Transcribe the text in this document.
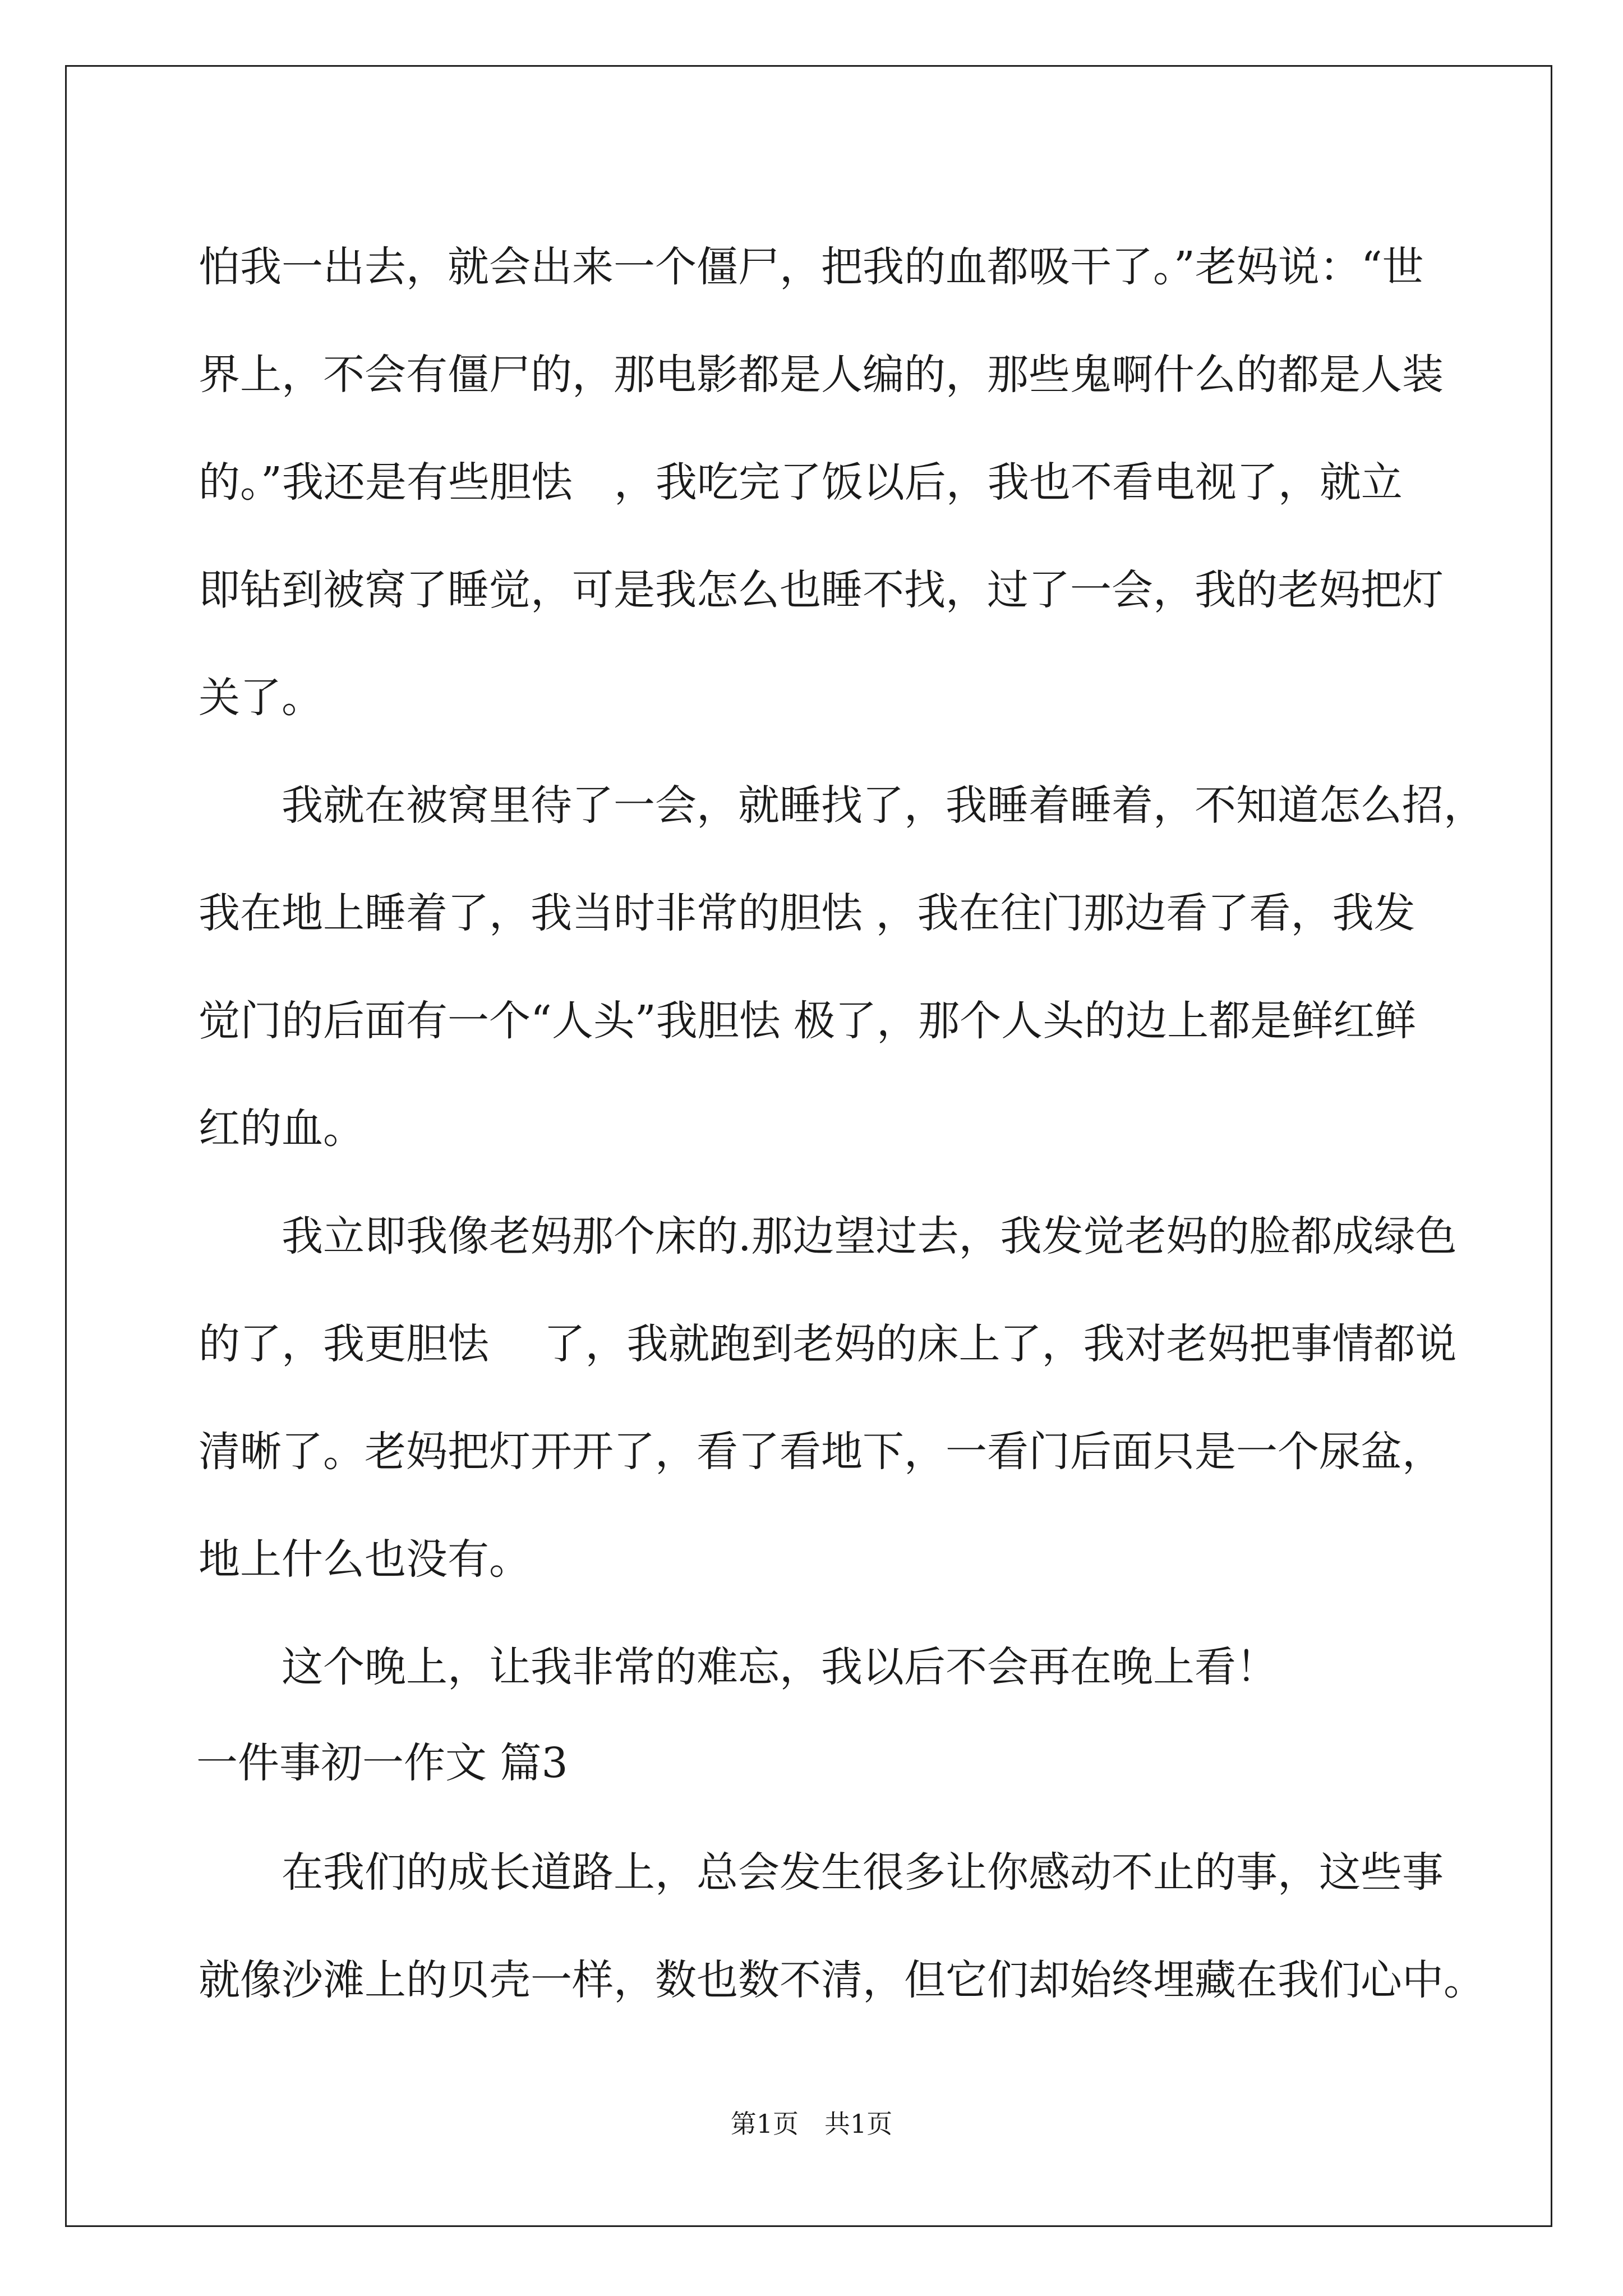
怕我一出去，就会出来一个僵尸，把我的血都吸干了。”老妈说：“世
界上，不会有僵尸的，那电影都是人编的，那些鬼啊什么的都是人装
的。”我还是有些胆怯　，我吃完了饭以后，我也不看电视了，就立
即钻到被窝了睡觉，可是我怎么也睡不找，过了一会，我的老妈把灯
关了。
我就在被窝里待了一会，就睡找了，我睡着睡着，不知道怎么招，
我在地上睡着了，我当时非常的胆怯 ，我在往门那边看了看，我发
觉门的后面有一个“人头”我胆怯 极了，那个人头的边上都是鲜红鲜
红的血。
我立即我像老妈那个床的.那边望过去，我发觉老妈的脸都成绿色
的了，我更胆怯　 了，我就跑到老妈的床上了，我对老妈把事情都说
清晰了。老妈把灯开开了，看了看地下，一看门后面只是一个尿盆，
地上什么也没有。
这个晚上，让我非常的难忘，我以后不会再在晚上看！
一件事初一作文 篇3
在我们的成长道路上，总会发生很多让你感动不止的事，这些事
就像沙滩上的贝壳一样，数也数不清，但它们却始终埋藏在我们心中。
第1页　共1页
